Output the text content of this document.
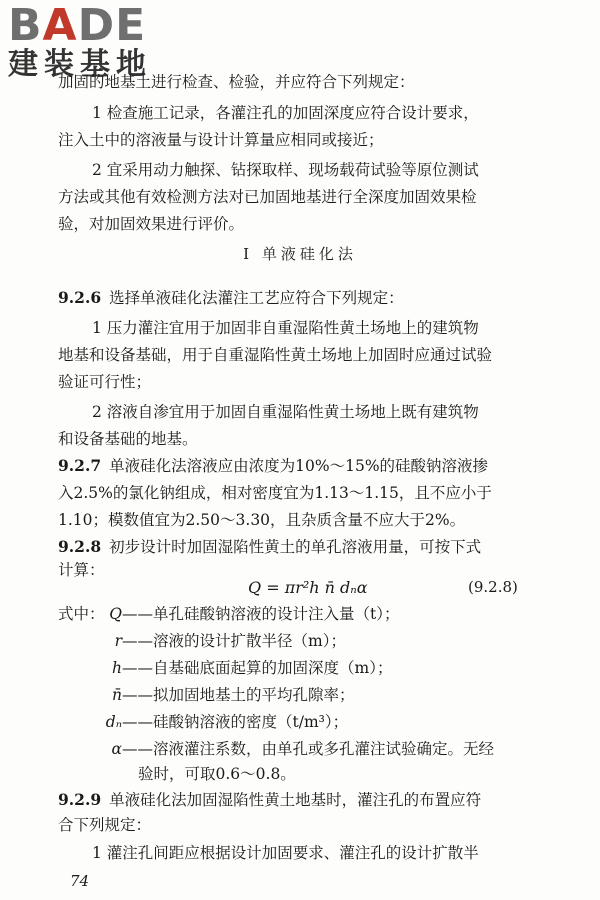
BADE
建装基地
加固的地基土进行检查、检验，并应符合下列规定：
1 检查施工记录，各灌注孔的加固深度应符合设计要求，
注入土中的溶液量与设计计算量应相同或接近；
2 宜采用动力触探、钻探取样、现场载荷试验等原位测试
方法或其他有效检测方法对已加固地基进行全深度加固效果检
验，对加固效果进行评价。
Ⅰ 单液硅化法
9.2.6 选择单液硅化法灌注工艺应符合下列规定：
1 压力灌注宜用于加固非自重湿陷性黄土场地上的建筑物
地基和设备基础，用于自重湿陷性黄土场地上加固时应通过试验
验证可行性；
2 溶液自渗宜用于加固自重湿陷性黄土场地上既有建筑物
和设备基础的地基。
9.2.7 单液硅化法溶液应由浓度为10%～15%的硅酸钠溶液掺
入2.5%的氯化钠组成，相对密度宜为1.13～1.15，且不应小于
1.10；模数值宜为2.50～3.30，且杂质含量不应大于2%。
9.2.8 初步设计时加固湿陷性黄土的单孔溶液用量，可按下式
计算：
Q = πr²h n̄ dₙα	(9.2.8)
式中： Q——单孔硅酸钠溶液的设计注入量（t）；
r——溶液的设计扩散半径（m）；
h——自基础底面起算的加固深度（m）；
n̄——拟加固地基土的平均孔隙率；
dₙ——硅酸钠溶液的密度（t/m³）；
α——溶液灌注系数，由单孔或多孔灌注试验确定。无经
验时，可取0.6～0.8。
9.2.9 单液硅化法加固湿陷性黄土地基时，灌注孔的布置应符
合下列规定：
1 灌注孔间距应根据设计加固要求、灌注孔的设计扩散半
74
